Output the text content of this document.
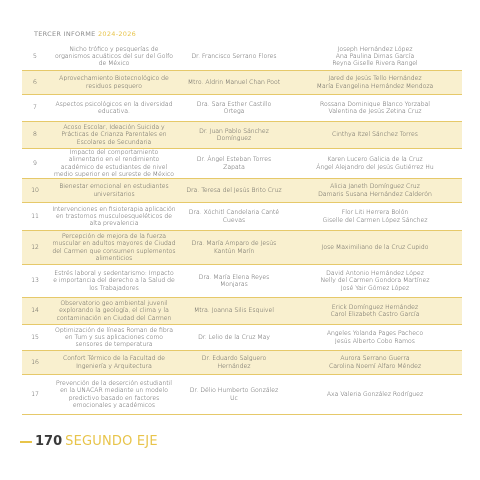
TERCER INFORME 2024-2026
5
Nicho trófico y pesquerías de organismos acuáticos del sur del Golfo de México
Dr. Francisco Serrano Flores
Joseph Hernández López
Ana Paulina Dimas García
Reyna Giselle Rivera Rangel
6
Aprovechamiento Biotecnológico de residuos pesquero
Mtro. Aldrin Manuel Chan Poot
Jared de Jesús Tello Hernández
María Evangelina Hernández Mendoza
7
Aspectos psicológicos en la diversidad educativa.
Dra. Sara Esther Castillo Ortega
Rossana Dominique Blanco Yorzabal
Valentina de Jesús Zetina Cruz
8
Acoso Escolar, Ideación Suicida y Prácticas de Crianza Parentales en Escolares de Secundaria
Dr. Juan Pablo Sánchez Domínguez
Cinthya Itzel Sánchez Torres
9
Impacto del comportamiento alimentario en el rendimiento académico de estudiantes de nivel medio superior en el sureste de México
Dr. Ángel Esteban Torres Zapata
Karen Lucero Galicia de la Cruz
Ángel Alejandro del Jesús Gutiérrez Hu
10
Bienestar emocional en estudiantes universitarios
Dra. Teresa del Jesús Brito Cruz
Alicia Janeth Domínguez Cruz
Damaris Susana Hernández Calderón
11
Intervenciones en fisioterapia aplicación en trastornos musculoesqueléticos de alta prevalencia
Dra. Xóchitl Candelaria Canté Cuevas
Flor Liti Herrera Bolón
Giselle del Carmen López Sánchez
12
Percepción de mejora de la fuerza muscular en adultos mayores de Ciudad del Carmen que consumen suplementos alimenticios
Dra. María Amparo de Jesús Kantún Marín
Jose Maximiliano de la Cruz Cupido
13
Estrés laboral y sedentarismo: Impacto e importancia del derecho a la Salud de los Trabajadores
Dra. María Elena Reyes Monjaras
David Antonio Hernández López
Nelly del Carmen Gondora Martínez
José Yair Gómez López
14
Observatorio geo ambiental juvenil explorando la geología, el clima y la contaminación en Ciudad del Carmen
Mtra. Joanna Silis Esquivel
Erick Domínguez Hernández
Carol Elizabeth Castro García
15
Optimización de líneas Roman de fibra en Tum y sus aplicaciones como sensores de temperatura
Dr. Lelio de la Cruz May
Angeles Yolanda Pages Pacheco
Jesús Alberto Cobo Ramos
16
Confort Térmico de la Facultad de Ingeniería y Arquitectura
Dr. Eduardo Salguero Hernández
Aurora Serrano Guerra
Carolina Noemí Alfaro Méndez
17
Prevención de la deserción estudiantil en la UNACAR mediante un modelo predictivo basado en factores emocionales y académicos
Dr. Délio Humberto González Uc
Axa Valeria González Rodríguez
170 SEGUNDO EJE
